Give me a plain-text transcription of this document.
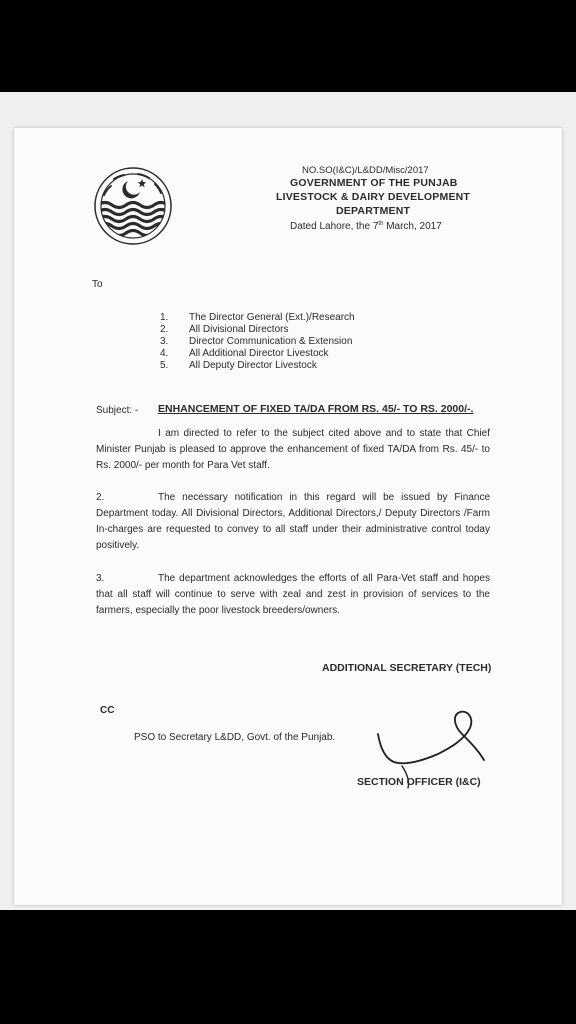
NO.SO(I&C)/L&DD/Misc/2017
GOVERNMENT OF THE PUNJAB
LIVESTOCK & DAIRY DEVELOPMENT
DEPARTMENT
Dated Lahore, the 7th March, 2017
To
1. The Director General (Ext.)/Research
2. All Divisional Directors
3. Director Communication & Extension
4. All Additional Director Livestock
5. All Deputy Director Livestock
Subject: - ENHANCEMENT OF FIXED TA/DA FROM RS. 45/- TO RS. 2000/-.

I am directed to refer to the subject cited above and to state that Chief Minister Punjab is pleased to approve the enhancement of fixed TA/DA from Rs. 45/- to Rs. 2000/- per month for Para Vet staff.

2.	The necessary notification in this regard will be issued by Finance Department today. All Divisional Directors, Additional Directors,/ Deputy Directors /Farm In-charges are requested to convey to all staff under their administrative control today positively.

3.	The department acknowledges the efforts of all Para-Vet staff and hopes that all staff will continue to serve with zeal and zest in provision of services to the farmers, especially the poor livestock breeders/owners.

ADDITIONAL SECRETARY (TECH)
CC
PSO to Secretary L&DD, Govt. of the Punjab.
SECTION OFFICER (I&C)
